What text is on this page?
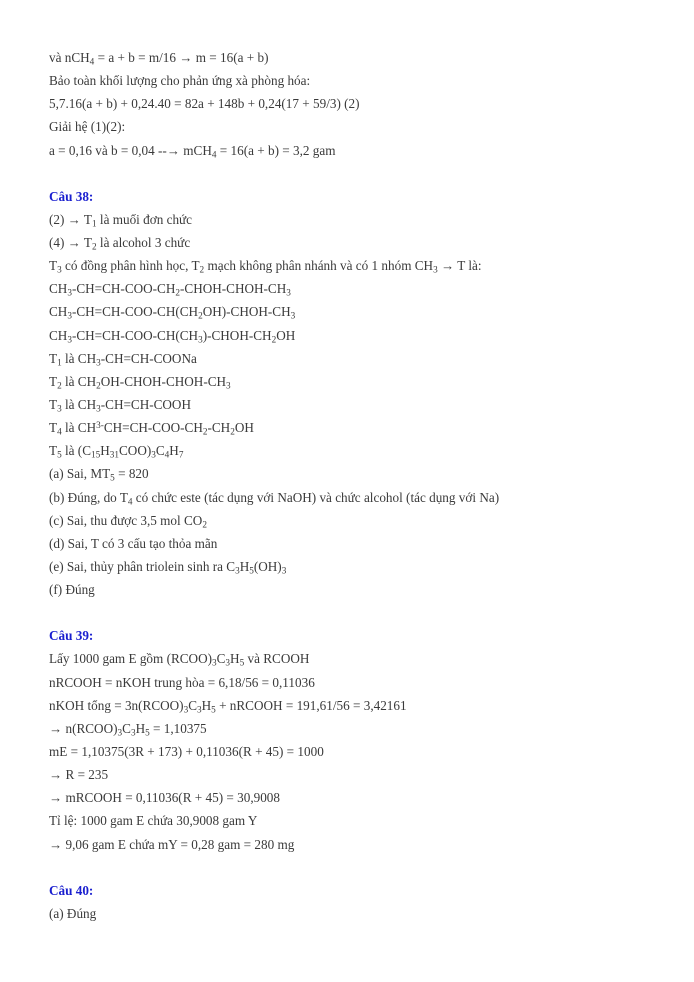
và nCH$_4$ = a + b = m/16 → m = 16(a + b)
Bảo toàn khối lượng cho phản ứng xà phòng hóa:
5,7.16(a + b) + 0,24.40 = 82a + 148b + 0,24(17 + 59/3) (2)
Giải hệ (1)(2):
a = 0,16 và b = 0,04 --→ mCH$_4$ = 16(a + b) = 3,2 gam
Câu 38:
$(2) \to T_1$ là muối đơn chức
$(4) \to T_2$ là alcohol 3 chức
$T_3$ có đồng phân hình học, $T_2$ mạch không phân nhánh và có 1 nhóm $CH_3 \to T$ là:
$CH_3-CH=CH-COO-CH_2-CHOH-CHOH-CH_3$
$CH_3-CH=CH-COO-CH(CH_2OH)-CHOH-CH_3$
$CH_3-CH=CH-COO-CH(CH_3)-CHOH-CH_2OH$
$T_1$ là $CH_3-CH=CH$-COONa
$T_2$ là $CH_2OH-CHOH-CHOH-CH_3$
$T_3$ là $CH_3-CH=CH$-COOH
$T_4$ là $CH^{3-}CH=CH-COO-CH_2-CH_2OH$
$T_5$ là $(C_{15}H_{31}COO)_3C_4H_7$
(a) Sai, $MT_5 = 820$
(b) Đúng, do $T_4$ có chức este (tác dụng với NaOH) và chức alcohol (tác dụng với Na)
(c) Sai, thu được 3,5 mol $CO_2$
(d) Sai, T có 3 cấu tạo thỏa mãn
(e) Sai, thủy phân triolein sinh ra $C_3H_5(OH)_3$
(f) Đúng
Câu 39:
Lấy 1000 gam E gồm $(RCOO)_3C_3H_5$ và RCOOH
nRCOOH = nKOH trung hòa = 6,18/56 = 0,11036
nKOH tổng = $3n(RCOO)_3C_3H_5$ + nRCOOH = 191,61/56 = 3,42161
→ $n(RCOO)_3C_3H_5 = 1,10375$
mE = 1,10375(3R + 173) + 0,11036(R + 45) = 1000
→ R = 235
→ mRCOOH = 0,11036(R + 45) = 30,9008
Tỉ lệ: 1000 gam E chứa 30,9008 gam Y
→ 9,06 gam E chứa mY = 0,28 gam = 280 mg
Câu 40:
(a) Đúng
